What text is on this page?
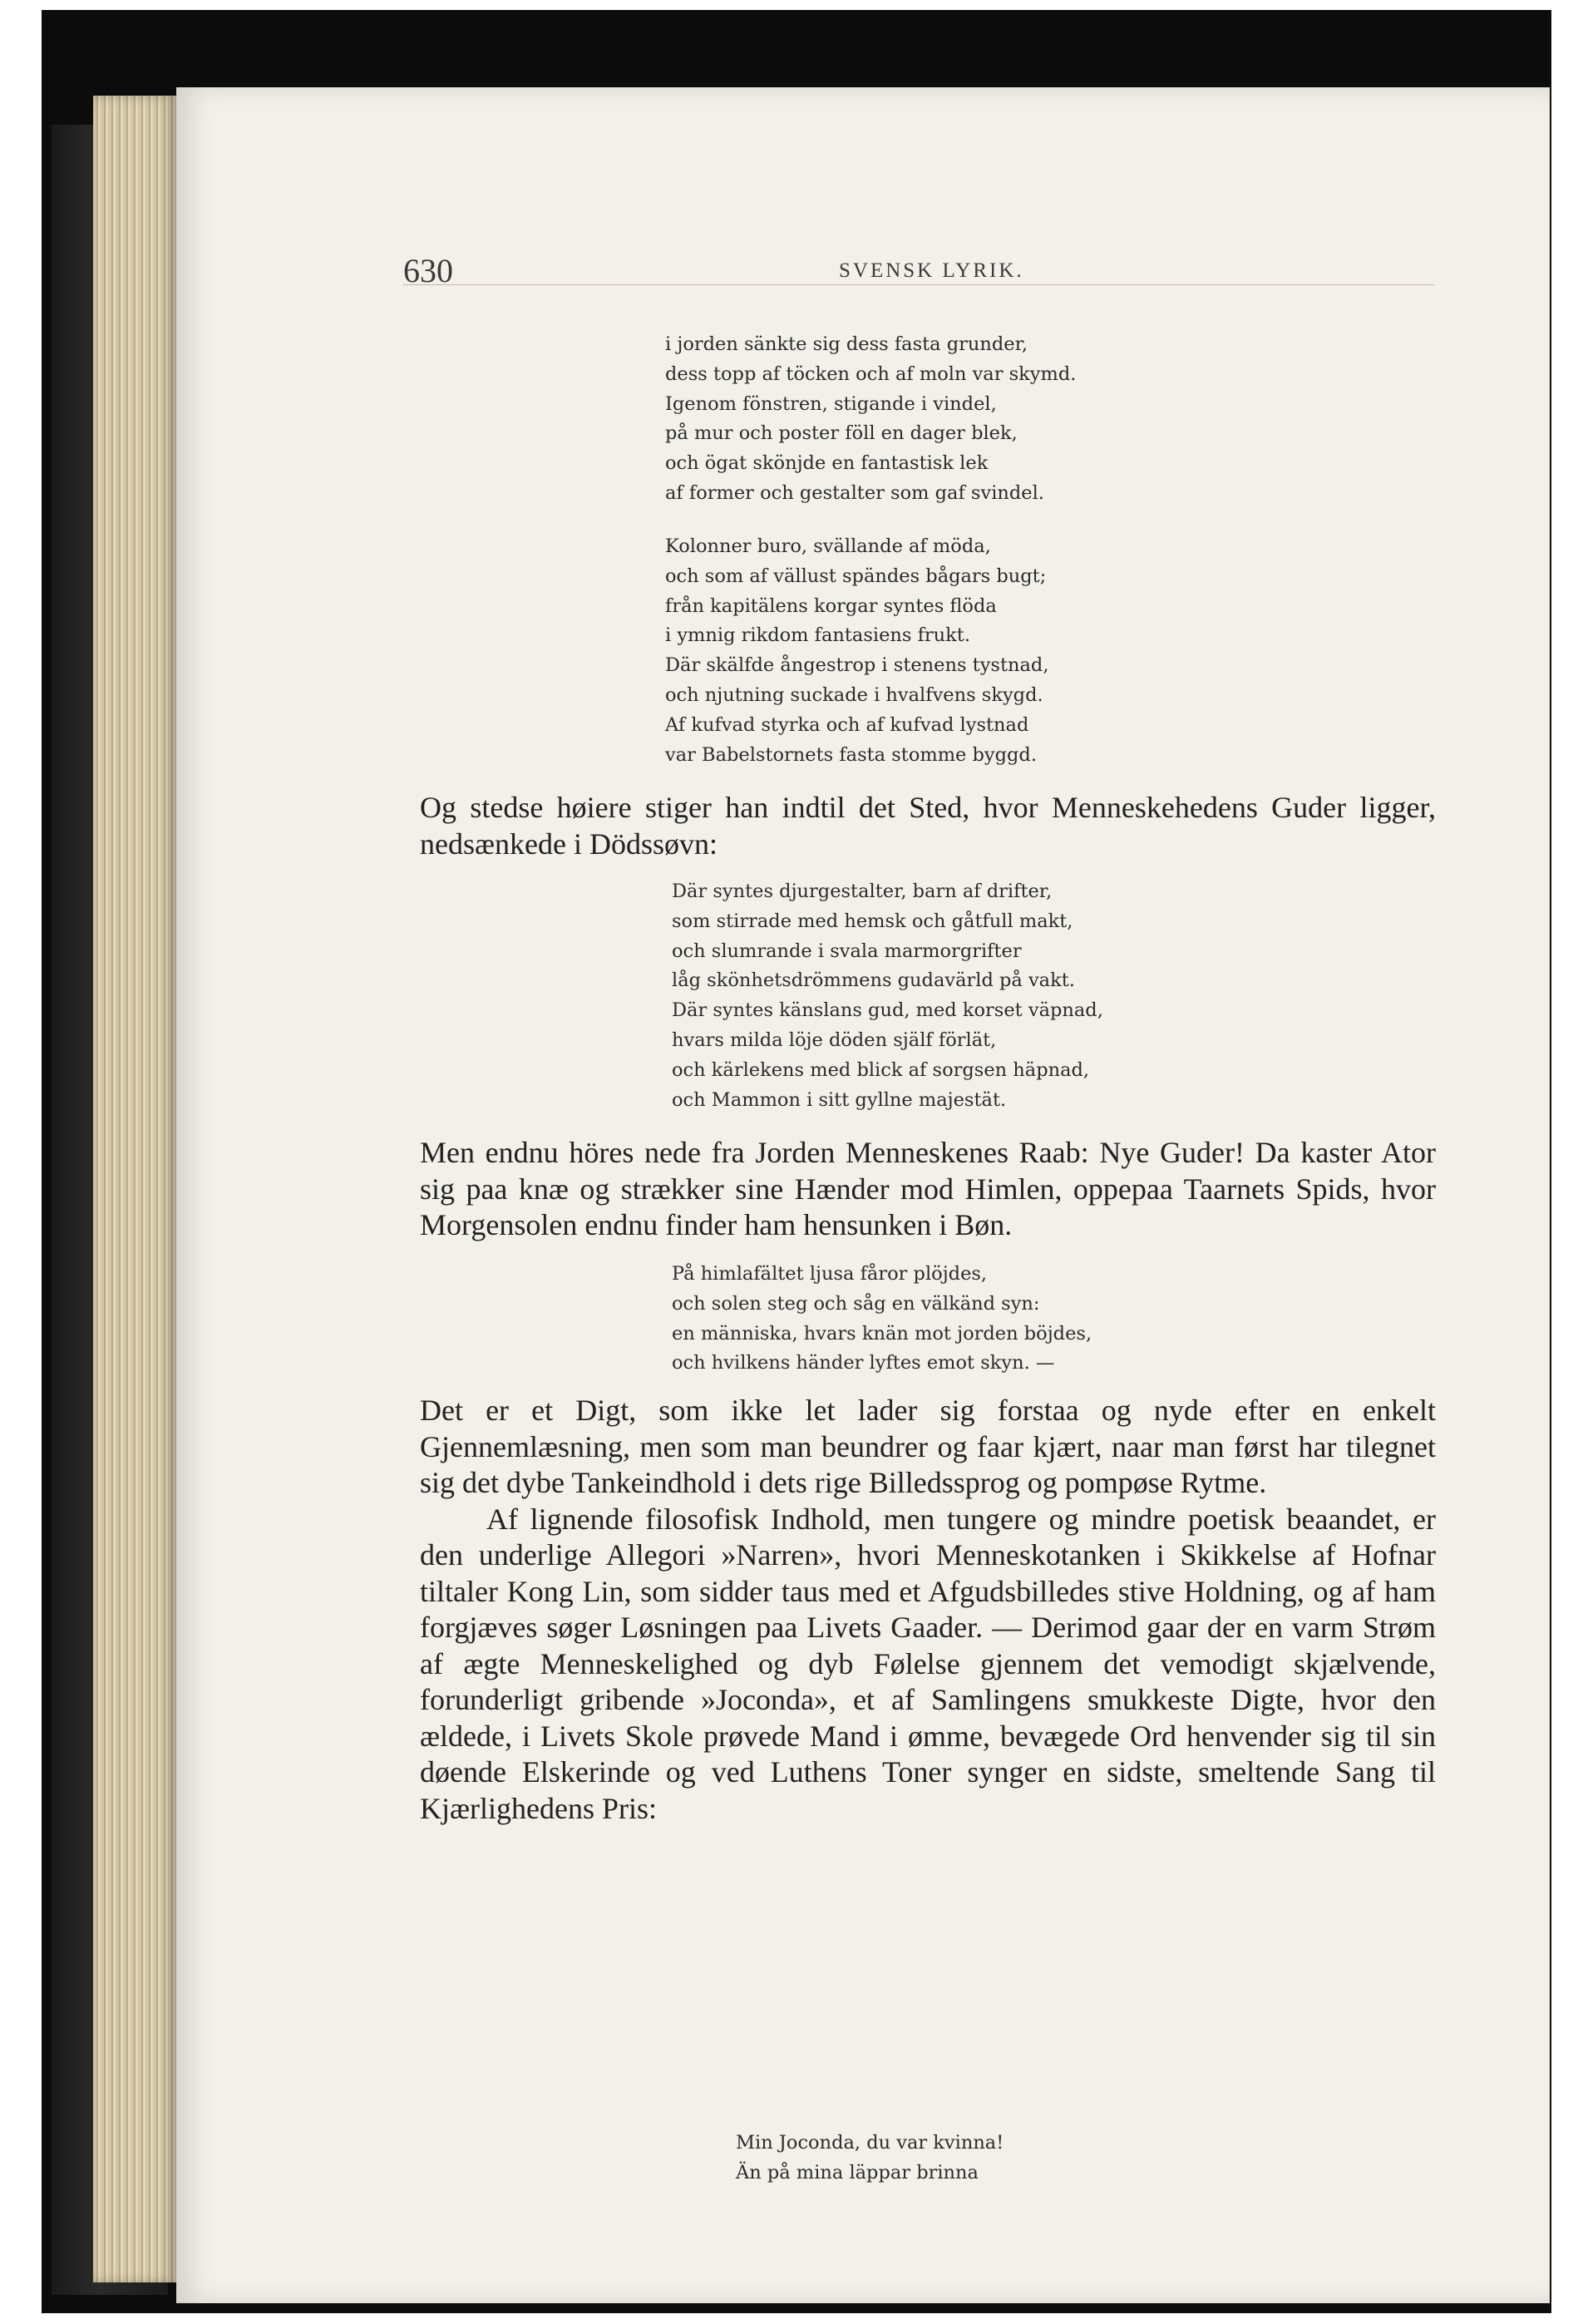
630	SVENSK LYRIK.
i jorden sänkte sig dess fasta grunder,
dess topp af töcken och af moln var skymd.
Igenom fönstren, stigande i vindel,
på mur och poster föll en dager blek,
och ögat skönjde en fantastisk lek
af former och gestalter som gaf svindel.
Kolonner buro, svällande af möda,
och som af vällust spändes bågars bugt;
från kapitälens korgar syntes flöda
i ymnig rikdom fantasiens frukt.
Där skälfde ångestrop i stenens tystnad,
och njutning suckade i hvalfvens skygd.
Af kufvad styrka och af kufvad lystnad
var Babelstornets fasta stomme byggd.

Og stedse høiere stiger han indtil det Sted, hvor Menneskehedens Guder ligger, nedsænkede i Dödssøvn:

Där syntes djurgestalter, barn af drifter,
som stirrade med hemsk och gåtfull makt,
och slumrande i svala marmorgrifter
låg skönhetsdrömmens gudavärld på vakt.
Där syntes känslans gud, med korset väpnad,
hvars milda löje döden själf förlät,
och kärlekens med blick af sorgsen häpnad,
och Mammon i sitt gyllne majestät.

Men endnu höres nede fra Jorden Menneskenes Raab: Nye Guder! Da kaster Ator sig paa knæ og strækker sine Hænder mod Himlen, oppepaa Taarnets Spids, hvor Morgensolen endnu finder ham hensunken i Bøn.

På himlafältet ljusa fåror plöjdes,
och solen steg och såg en välkänd syn:
en människa, hvars knän mot jorden böjdes,
och hvilkens händer lyftes emot skyn. —

Det er et Digt, som ikke let lader sig forstaa og nyde efter en enkelt Gjennemlæsning, men som man beundrer og faar kjært, naar man først har tilegnet sig det dybe Tankeindhold i dets rige Billedssprog og pompøse Rytme.

Af lignende filosofisk Indhold, men tungere og mindre poetisk beaandet, er den underlige Allegori »Narren», hvori Menneskotanken i Skikkelse af Hofnar tiltaler Kong Lin, som sidder taus med et Afgudsbilledes stive Holdning, og af ham forgjæves søger Løsningen paa Livets Gaader. — Derimod gaar der en varm Strøm af ægte Menneskelighed og dyb Følelse gjennem det vemodigt skjælvende, forunderligt gribende »Joconda», et af Samlingens smukkeste Digte, hvor den ældede, i Livets Skole prøvede Mand i ømme, bevægede Ord henvender sig til sin døende Elskerinde og ved Luthens Toner synger en sidste, smeltende Sang til Kjærlighedens Pris:

Min Joconda, du var kvinna!
Än på mina läppar brinna
